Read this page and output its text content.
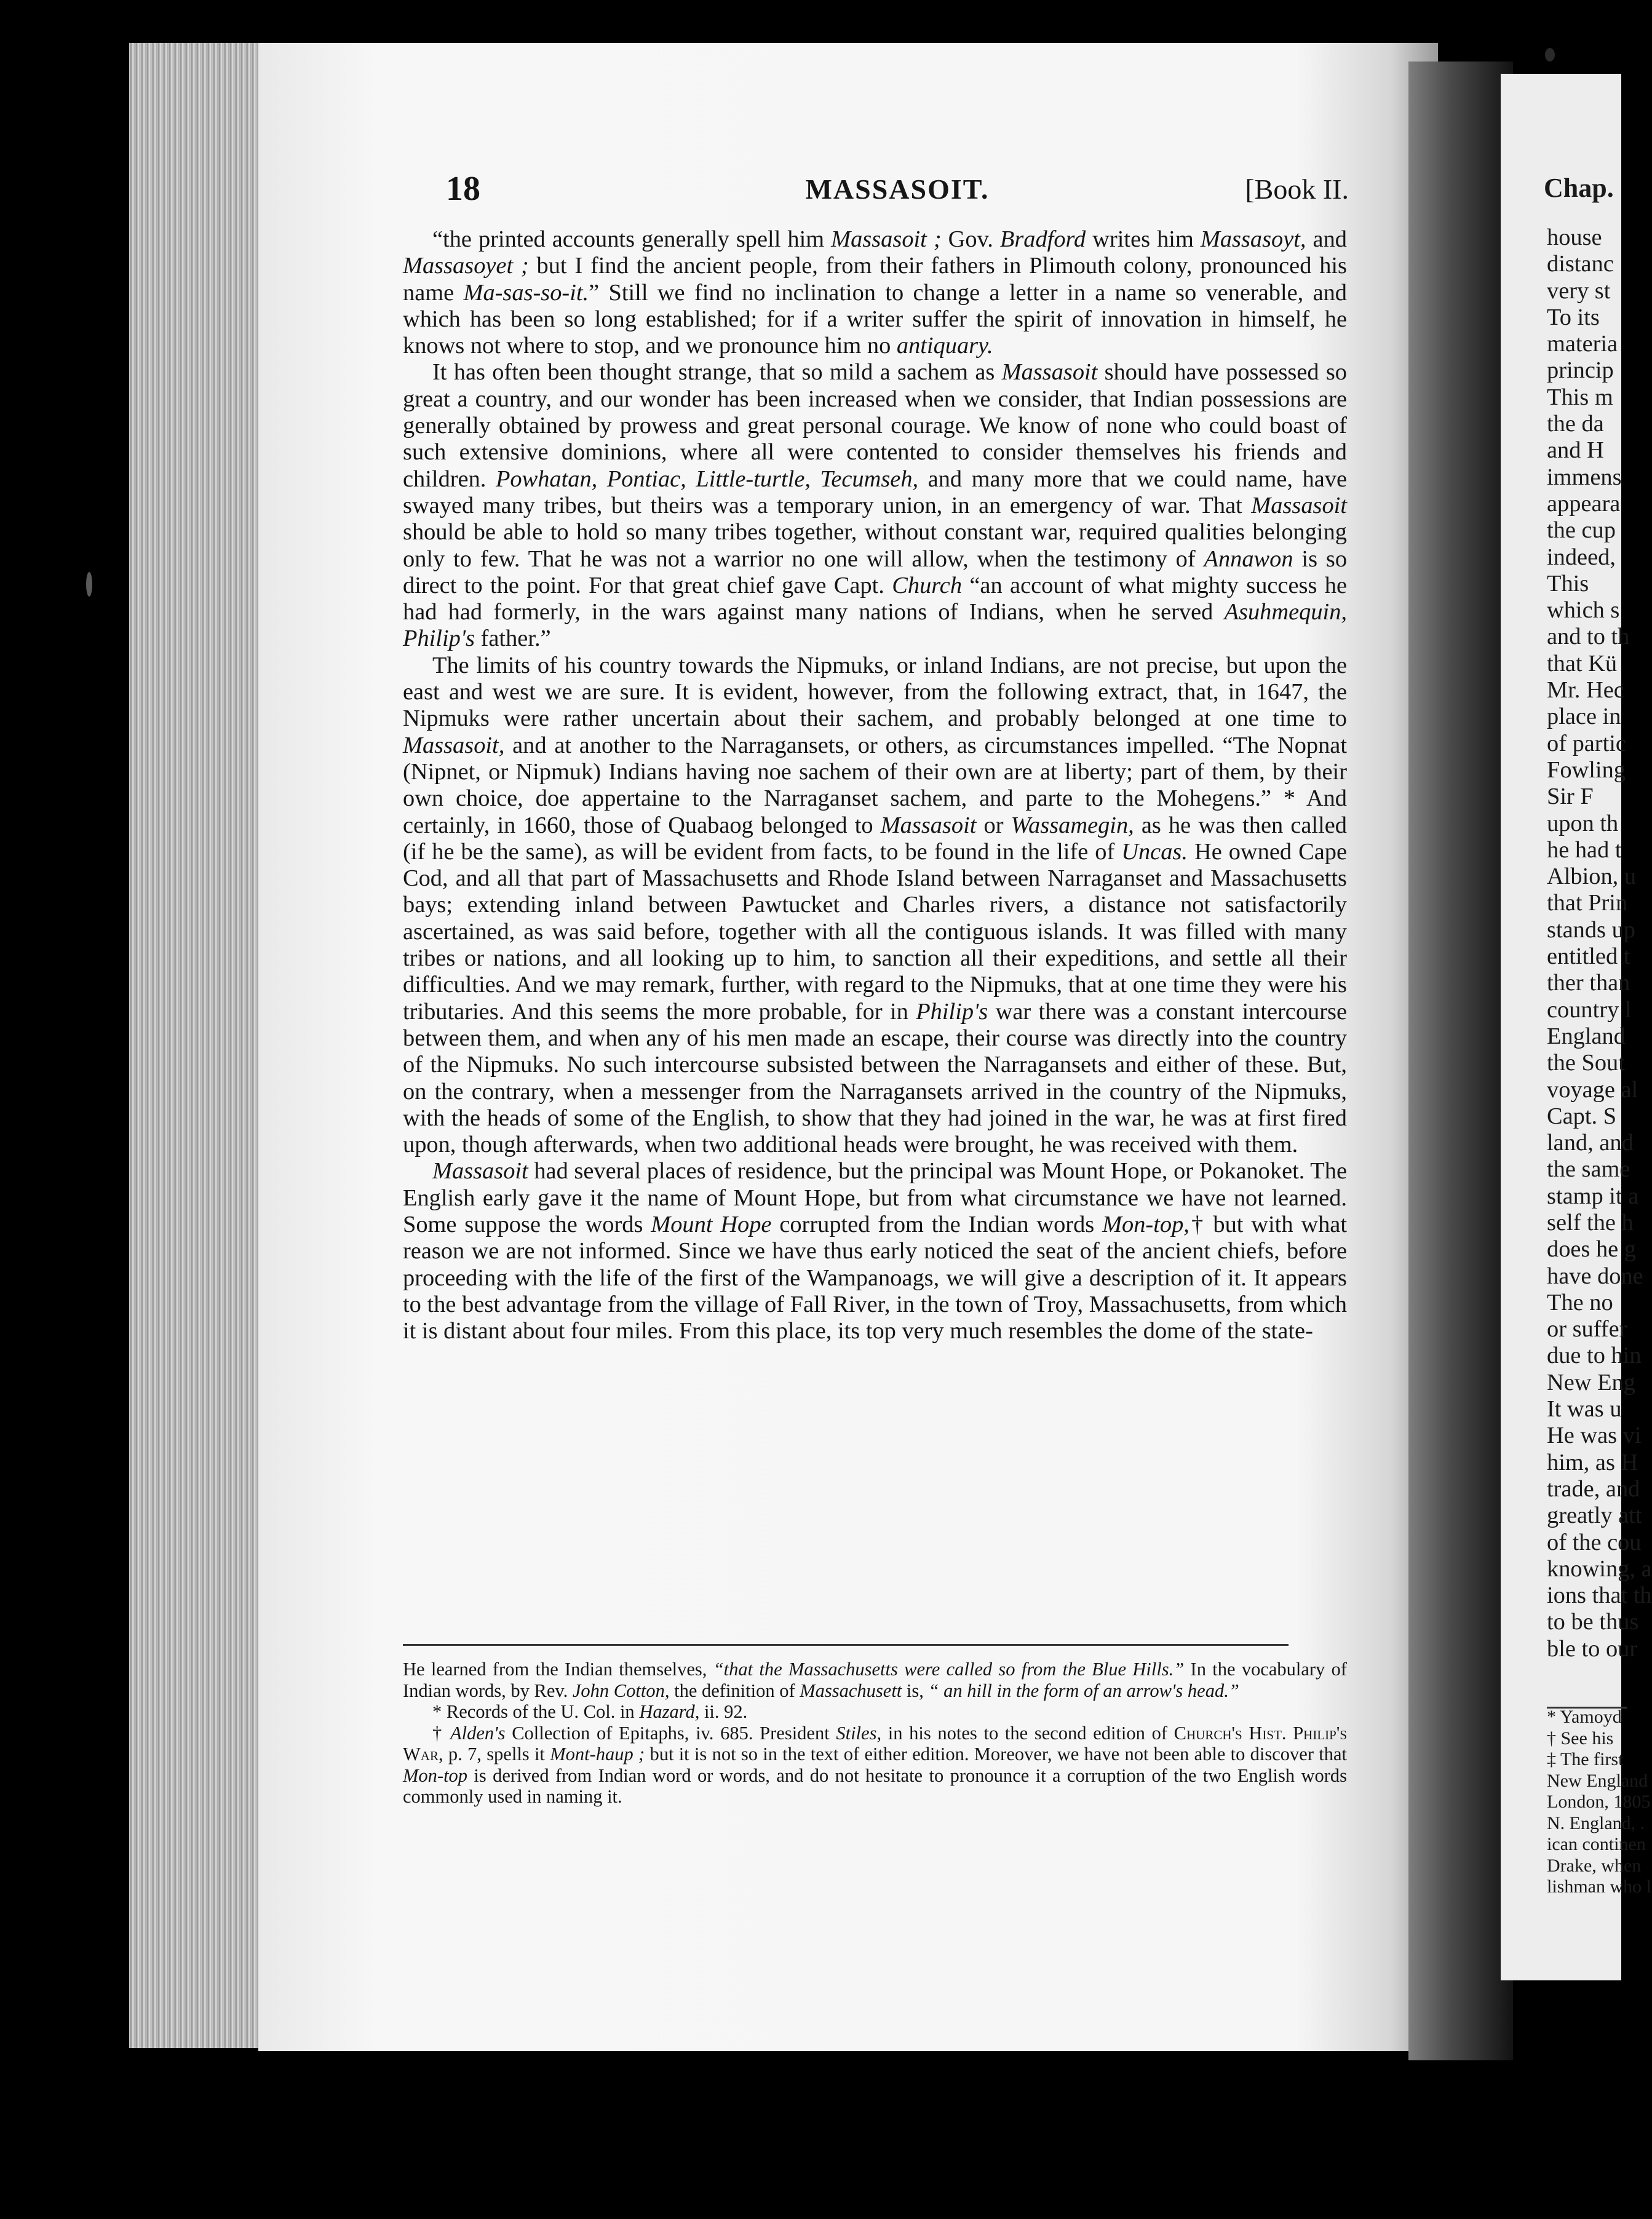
Chap.
house
distanc
very st
To its
materia
princip
This m
the da
and H
immens
appeara
the cup
indeed,
This
which s
and to th
that Kü
Mr. Hec
place in
of partic
Fowling
Sir F
upon th
he had t
Albion, u
that Prin
stands up
entitled t
ther than
country l
England
the Sout
voyage al
Capt. S
land, and
the same
stamp it a
self the h
does he g
have done
The no
or suffer
due to hin
New Eng
It was u
He was vi
him, as H
trade, and
greatly att
of the cou
knowing, a
ions that th
to be thus
ble to our
* Yamoyd
† See his
‡ The first
New England
London, 1805
N. England, .
ican continen
Drake, when
lishman who l
18	MASSASOIT.	[Book II.

“the printed accounts generally spell him Massasoit ; Gov. Bradford writes him Massasoyt, and Massasoyet ; but I find the ancient people, from their fathers in Plimouth colony, pronounced his name Ma-sas-so-it.” Still we find no inclination to change a letter in a name so venerable, and which has been so long established; for if a writer suffer the spirit of innovation in himself, he knows not where to stop, and we pronounce him no antiquary.

It has often been thought strange, that so mild a sachem as Massasoit should have possessed so great a country, and our wonder has been increased when we consider, that Indian possessions are generally obtained by prowess and great personal courage. We know of none who could boast of such extensive dominions, where all were contented to consider themselves his friends and children. Powhatan, Pontiac, Little-turtle, Tecumseh, and many more that we could name, have swayed many tribes, but theirs was a temporary union, in an emergency of war. That Massasoit should be able to hold so many tribes together, without constant war, required qualities belonging only to few. That he was not a warrior no one will allow, when the testimony of Annawon is so direct to the point. For that great chief gave Capt. Church “an account of what mighty success he had had formerly, in the wars against many nations of Indians, when he served Asuhmequin, Philip's father.”

The limits of his country towards the Nipmuks, or inland Indians, are not precise, but upon the east and west we are sure. It is evident, however, from the following extract, that, in 1647, the Nipmuks were rather uncertain about their sachem, and probably belonged at one time to Massasoit, and at another to the Narragansets, or others, as circumstances impelled. “The Nopnat (Nipnet, or Nipmuk) Indians having noe sachem of their own are at liberty; part of them, by their own choice, doe appertaine to the Narraganset sachem, and parte to the Mohegens.” * And certainly, in 1660, those of Quabaog belonged to Massasoit or Wassamegin, as he was then called (if he be the same), as will be evident from facts, to be found in the life of Uncas. He owned Cape Cod, and all that part of Massachusetts and Rhode Island between Narraganset and Massachusetts bays; extending inland between Pawtucket and Charles rivers, a distance not satisfactorily ascertained, as was said before, together with all the contiguous islands. It was filled with many tribes or nations, and all looking up to him, to sanction all their expeditions, and settle all their difficulties. And we may remark, further, with regard to the Nipmuks, that at one time they were his tributaries. And this seems the more probable, for in Philip's war there was a constant intercourse between them, and when any of his men made an escape, their course was directly into the country of the Nipmuks. No such intercourse subsisted between the Narragansets and either of these. But, on the contrary, when a messenger from the Narragansets arrived in the country of the Nipmuks, with the heads of some of the English, to show that they had joined in the war, he was at first fired upon, though afterwards, when two additional heads were brought, he was received with them.

Massasoit had several places of residence, but the principal was Mount Hope, or Pokanoket. The English early gave it the name of Mount Hope, but from what circumstance we have not learned. Some suppose the words Mount Hope corrupted from the Indian words Mon-top,† but with what reason we are not informed. Since we have thus early noticed the seat of the ancient chiefs, before proceeding with the life of the first of the Wampanoags, we will give a description of it. It appears to the best advantage from the village of Fall River, in the town of Troy, Massachusetts, from which it is distant about four miles. From this place, its top very much resembles the dome of the state-

He learned from the Indian themselves, “that the Massachusetts were called so from the Blue Hills.” In the vocabulary of Indian words, by Rev. John Cotton, the definition of Massachusett is, “ an hill in the form of an arrow's head.”

* Records of the U. Col. in Hazard, ii. 92.

† Alden's Collection of Epitaphs, iv. 685. President Stiles, in his notes to the second edition of Church's Hist. Philip's War, p. 7, spells it Mont-haup ; but it is not so in the text of either edition. Moreover, we have not been able to discover that Mon-top is derived from Indian word or words, and do not hesitate to pronounce it a corruption of the two English words commonly used in naming it.
